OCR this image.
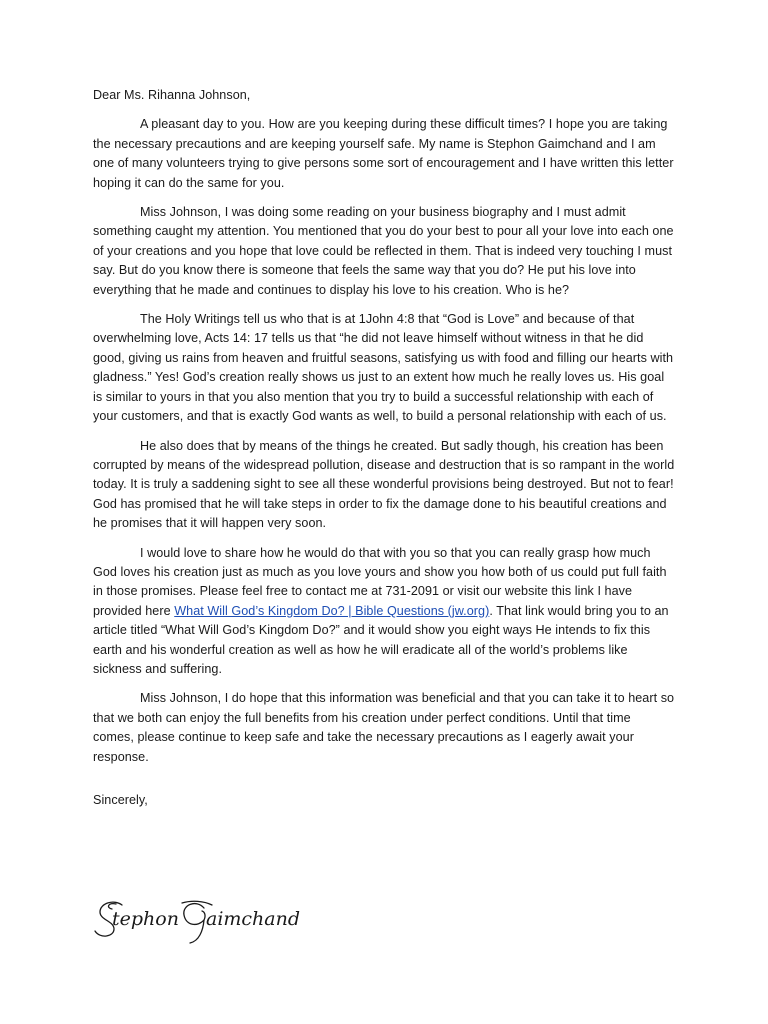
Dear Ms. Rihanna Johnson,

A pleasant day to you. How are you keeping during these difficult times? I hope you are taking the necessary precautions and are keeping yourself safe. My name is Stephon Gaimchand and I am one of many volunteers trying to give persons some sort of encouragement and I have written this letter hoping it can do the same for you.

Miss Johnson, I was doing some reading on your business biography and I must admit something caught my attention. You mentioned that you do your best to pour all your love into each one of your creations and you hope that love could be reflected in them. That is indeed very touching I must say. But do you know there is someone that feels the same way that you do? He put his love into everything that he made and continues to display his love to his creation. Who is he?

The Holy Writings tell us who that is at 1John 4:8 that “God is Love” and because of that overwhelming love, Acts 14: 17 tells us that “he did not leave himself without witness in that he did good, giving us rains from heaven and fruitful seasons, satisfying us with food and filling our hearts with gladness.” Yes! God’s creation really shows us just to an extent how much he really loves us. His goal is similar to yours in that you also mention that you try to build a successful relationship with each of your customers, and that is exactly God wants as well, to build a personal relationship with each of us.

He also does that by means of the things he created. But sadly though, his creation has been corrupted by means of the widespread pollution, disease and destruction that is so rampant in the world today. It is truly a saddening sight to see all these wonderful provisions being destroyed. But not to fear! God has promised that he will take steps in order to fix the damage done to his beautiful creations and he promises that it will happen very soon.

I would love to share how he would do that with you so that you can really grasp how much God loves his creation just as much as you love yours and show you how both of us could put full faith in those promises. Please feel free to contact me at 731-2091 or visit our website this link I have provided here What Will God’s Kingdom Do? | Bible Questions (jw.org). That link would bring you to an article titled “What Will God’s Kingdom Do?” and it would show you eight ways He intends to fix this earth and his wonderful creation as well as how he will eradicate all of the world’s problems like sickness and suffering.

Miss Johnson, I do hope that this information was beneficial and that you can take it to heart so that we both can enjoy the full benefits from his creation under perfect conditions. Until that time comes, please continue to keep safe and take the necessary precautions as I eagerly await your response.

Sincerely,

tephon aimchand
